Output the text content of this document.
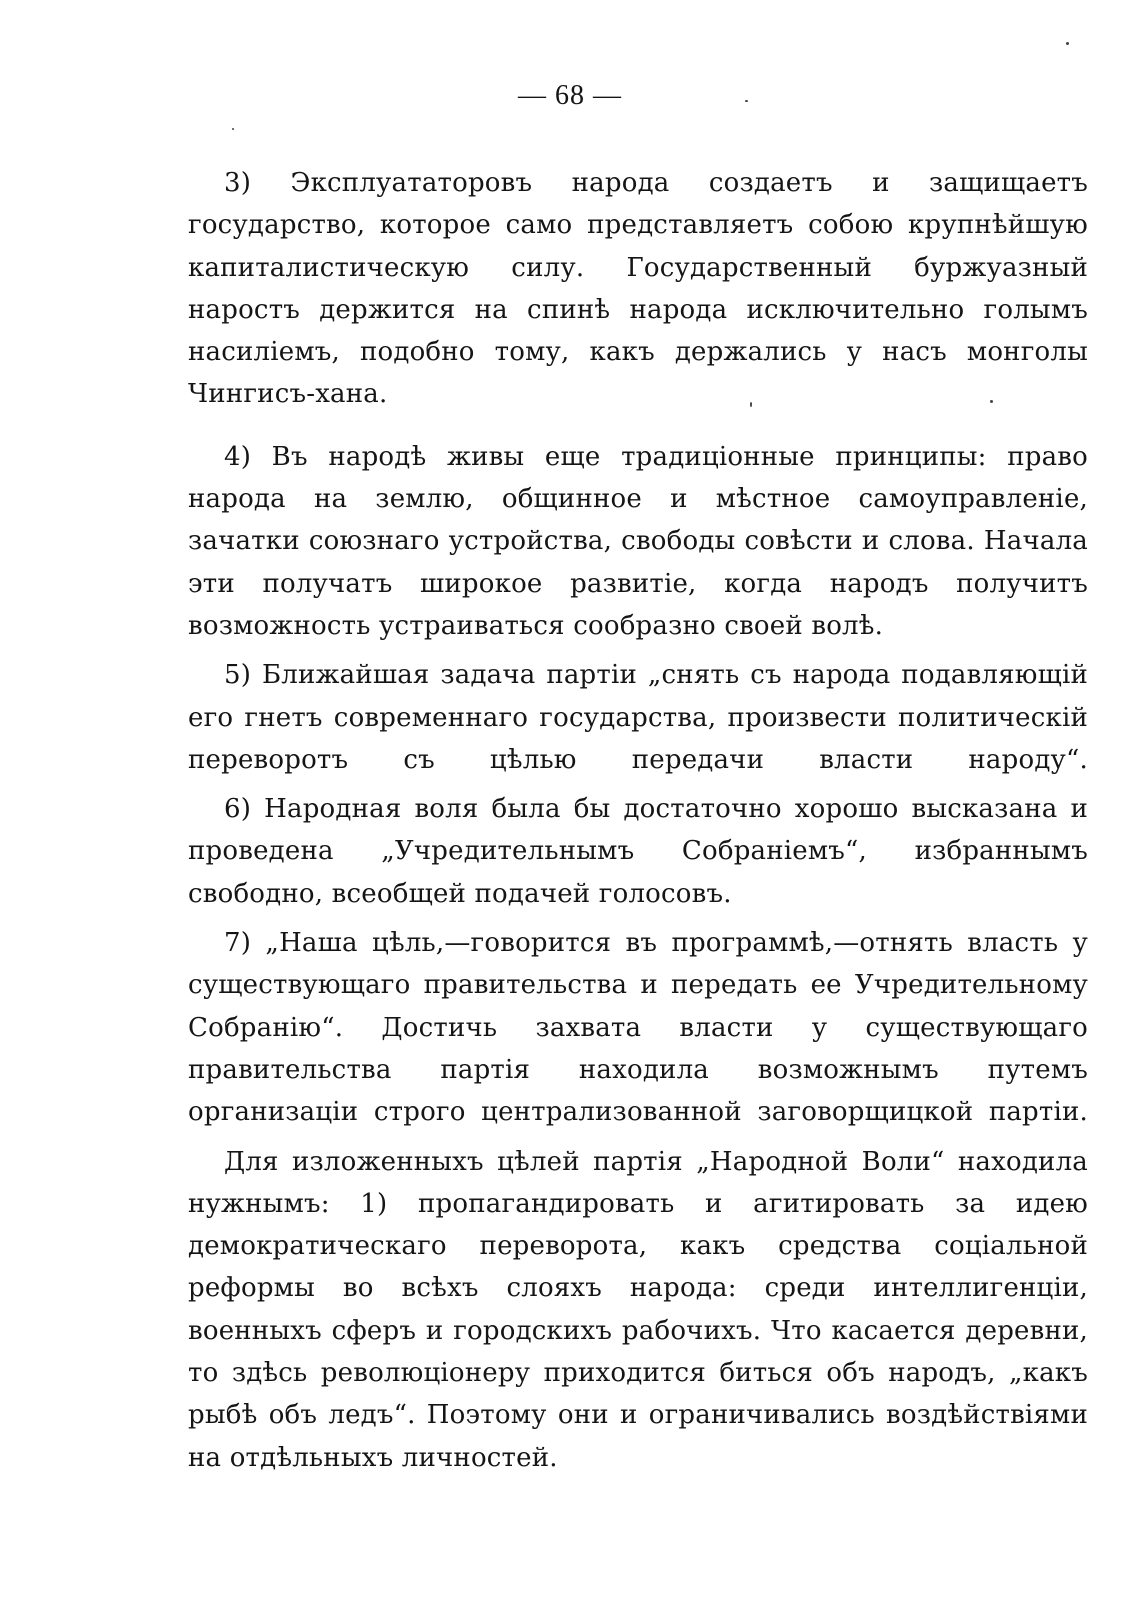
— 68 —

3) Эксплуататоровъ народа создаетъ и защищаетъ государство, которое само представляетъ собою крупнѣйшую капиталистическую силу. Государственный буржуазный наростъ держится на спинѣ народа исключительно голымъ насиліемъ, подобно тому, какъ держались у насъ монголы Чингисъ-хана.

4) Въ народѣ живы еще традиціонные принципы: право народа на землю, общинное и мѣстное самоуправленіе, зачатки союзнаго устройства, свободы совѣсти и слова. Начала эти получатъ широкое развитіе, когда народъ получитъ возможность устраиваться сообразно своей волѣ.

5) Ближайшая задача партіи „снять съ народа подавляющій его гнетъ современнаго государства, произвести политическій переворотъ съ цѣлью передачи власти народу“.

6) Народная воля была бы достаточно хорошо высказана и проведена „Учредительнымъ Собраніемъ“, избраннымъ свободно, всеобщей подачей голосовъ.

7) „Наша цѣль,—говорится въ программѣ,—отнять власть у существующаго правительства и передать ее Учредительному Собранію“. Достичь захвата власти у существующаго правительства партія находила возможнымъ путемъ организаціи строго централизованной заговорщицкой партіи.

Для изложенныхъ цѣлей партія „Народной Воли“ находила нужнымъ: 1) пропагандировать и агитировать за идею демократическаго переворота, какъ средства соціальной реформы во всѣхъ слояхъ народа: среди интеллигенціи, военныхъ сферъ и городскихъ рабочихъ. Что касается деревни, то здѣсь революціонеру приходится биться объ народъ, „какъ рыбѣ объ ледъ“. Поэтому они и ограничивались воздѣйствіями на отдѣльныхъ личностей.
